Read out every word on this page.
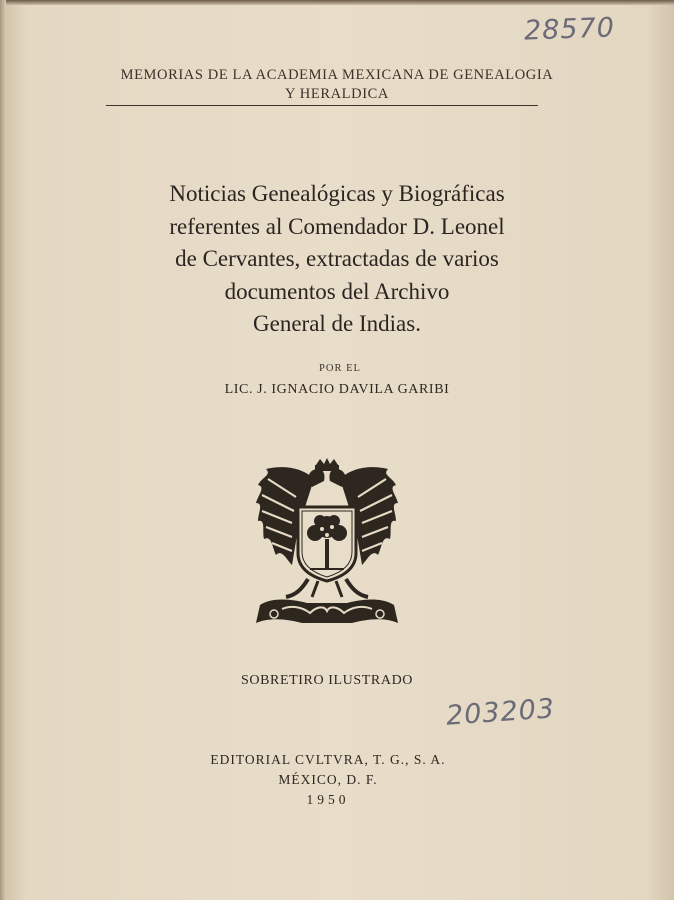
28570
MEMORIAS DE LA ACADEMIA MEXICANA DE GENEALOGIA
Y HERALDICA
Noticias Genealógicas y Biográficas
referentes al Comendador D. Leonel
de Cervantes, extractadas de varios
documentos del Archivo
General de Indias.
POR EL
LIC. J. IGNACIO DAVILA GARIBI
SOBRETIRO ILUSTRADO
203203
EDITORIAL CVLTVRA, T. G., S. A.
MÉXICO, D. F.
1950
